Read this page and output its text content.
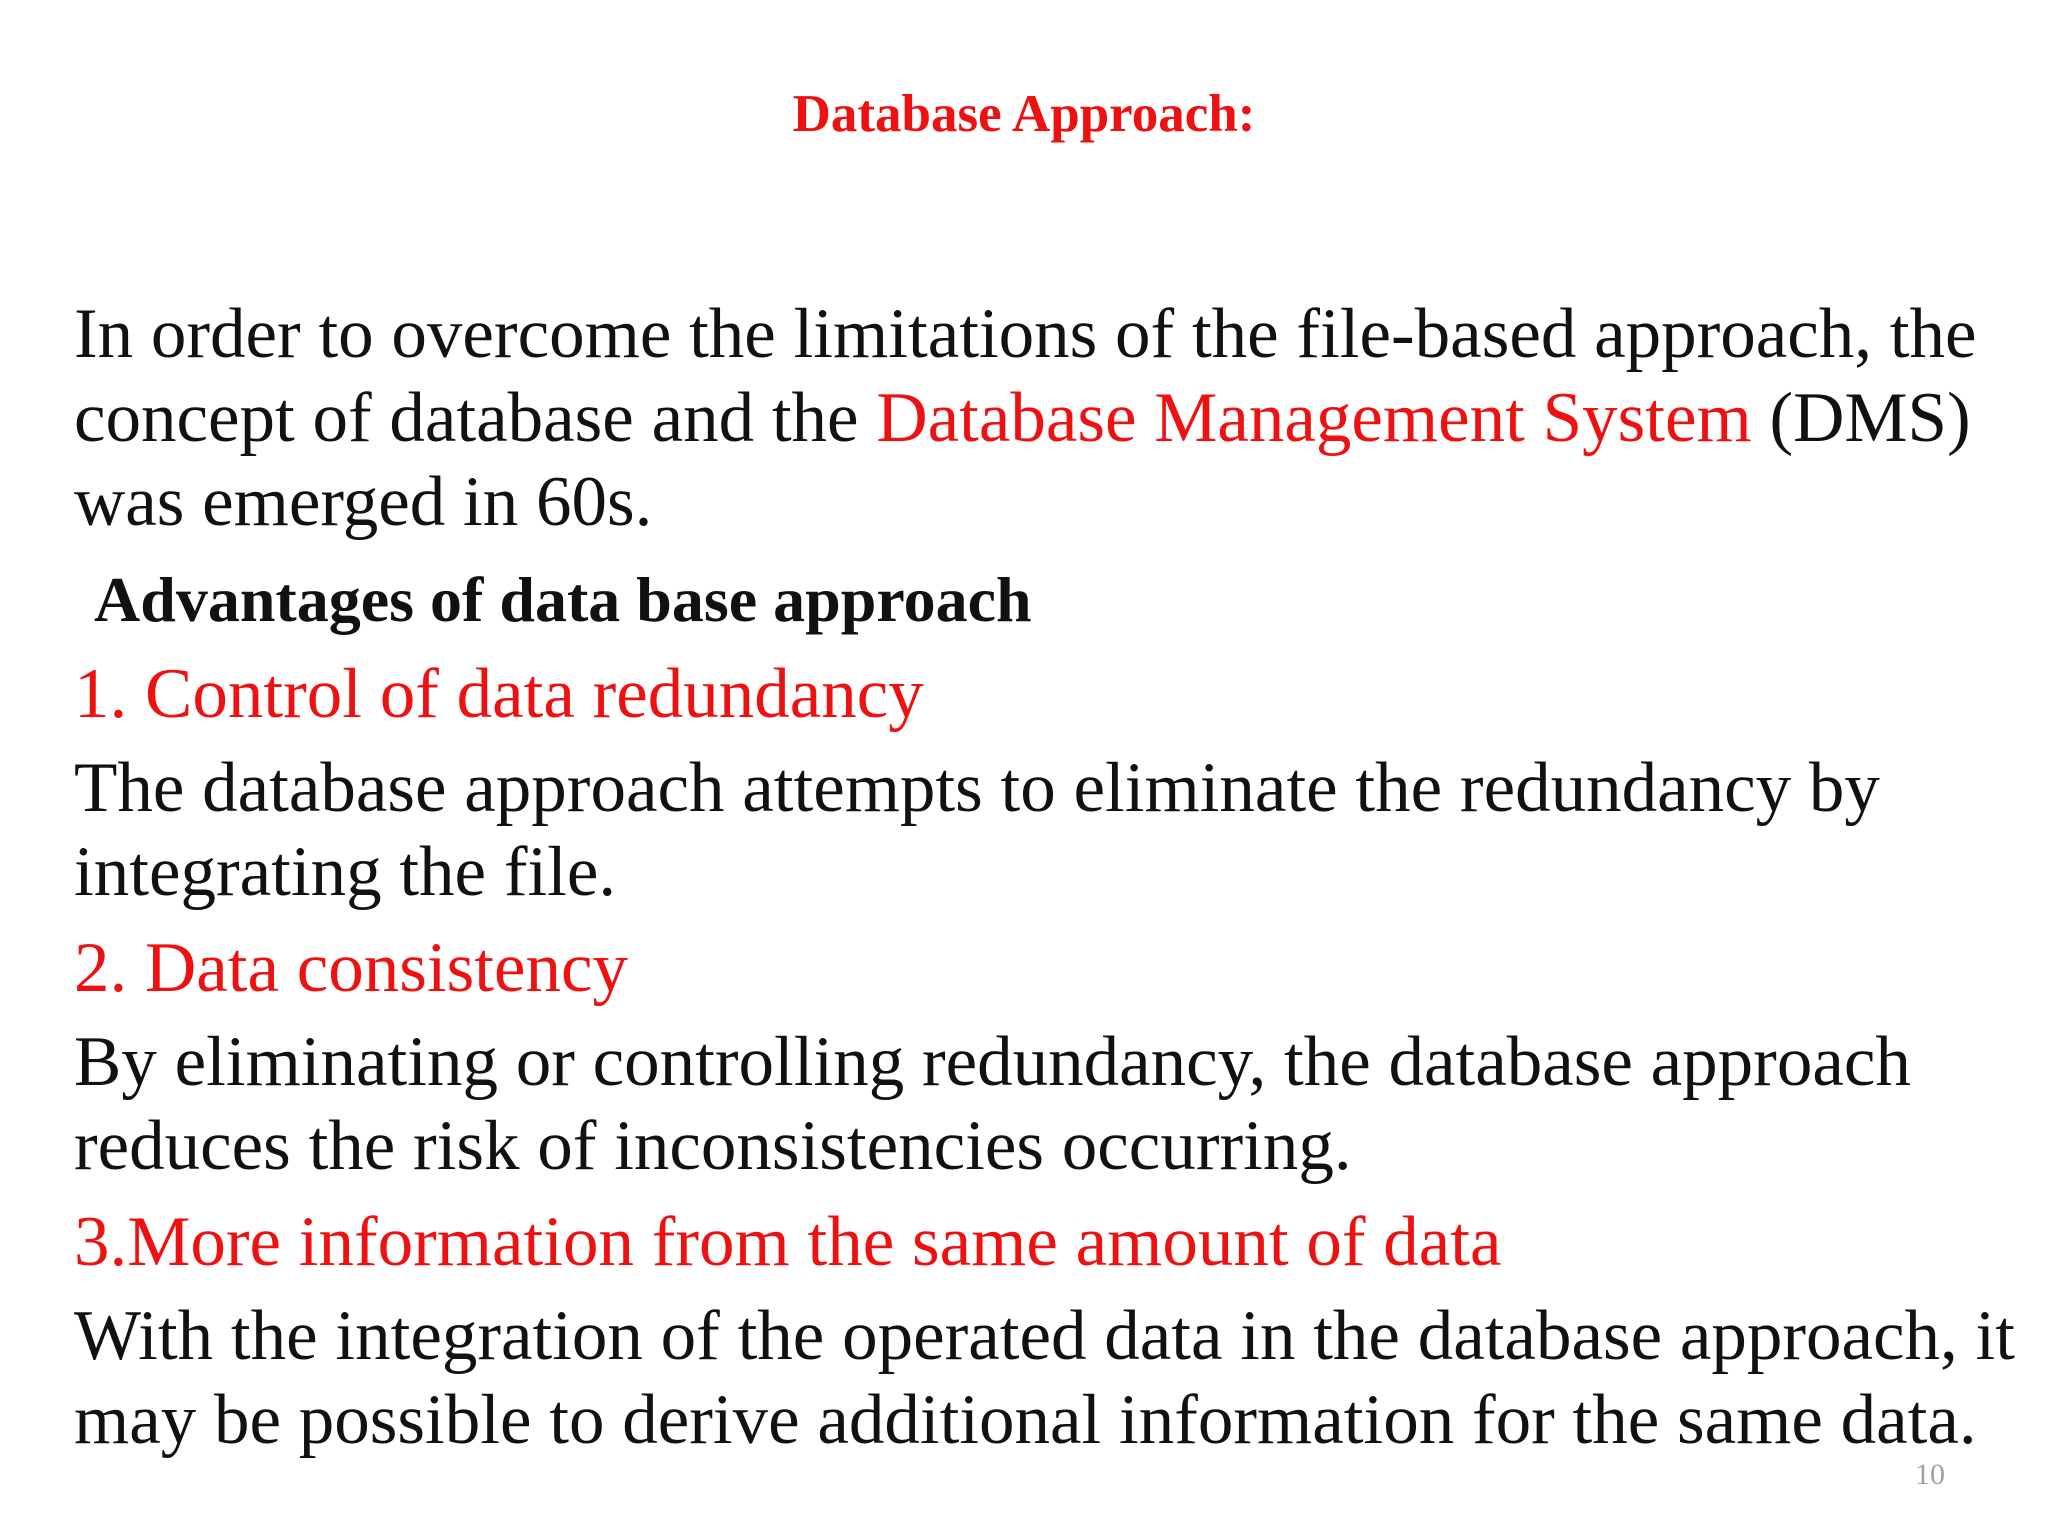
Database Approach:

In order to overcome the limitations of the file-based approach, the
concept of database and the Database Management System (DMS)
was emerged in 60s.

Advantages of data base approach

1. Control of data redundancy

The database approach attempts to eliminate the redundancy by
integrating the file.

2. Data consistency

By eliminating or controlling redundancy, the database approach
reduces the risk of inconsistencies occurring.

3.More information from the same amount of data

With the integration of the operated data in the database approach, it
may be possible to derive additional information for the same data.

10
